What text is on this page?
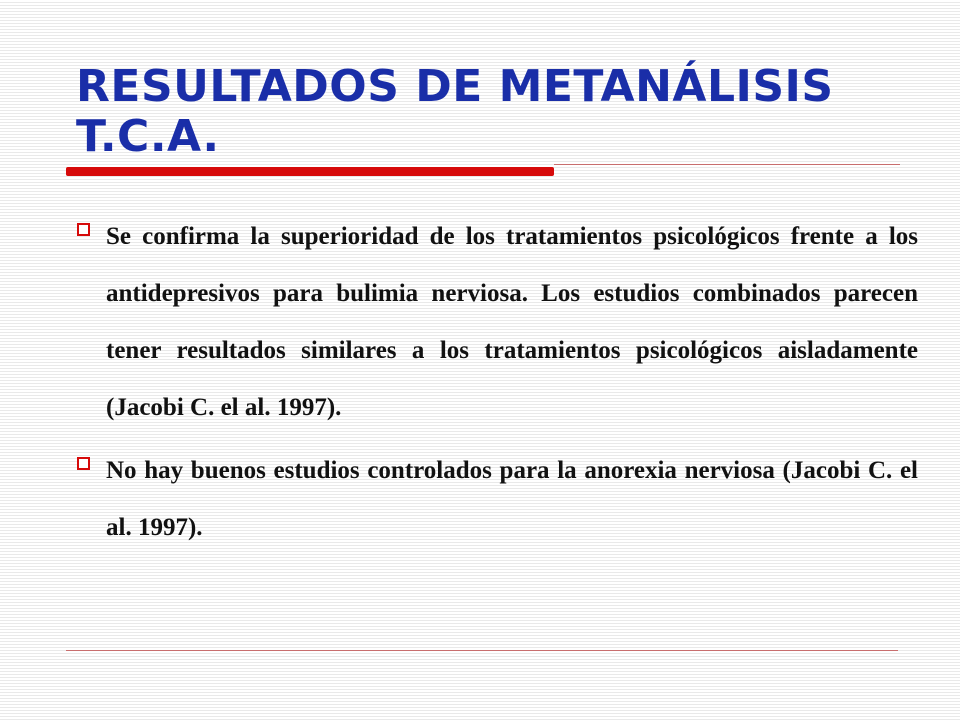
RESULTADOS DE METANÁLISIS
T.C.A.
Se confirma la superioridad de los tratamientos psicológicos frente a los antidepresivos para bulimia nerviosa. Los estudios combinados parecen tener resultados similares a los tratamientos psicológicos aisladamente (Jacobi C. el al. 1997).
No hay buenos estudios controlados para la anorexia nerviosa (Jacobi C. el al. 1997).
